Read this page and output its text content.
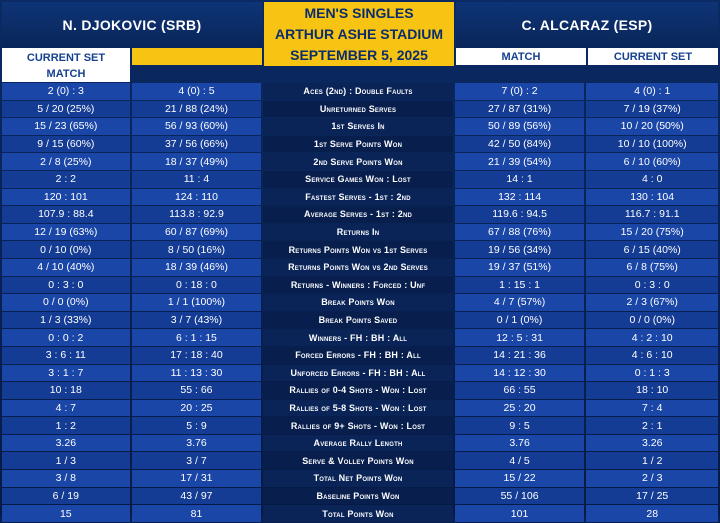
N. DJOKOVIC (SRB)
MEN'S SINGLES
ARTHUR ASHE STADIUM
SEPTEMBER 5, 2025
C. ALCARAZ (ESP)
CURRENT SET
MATCH
MATCH	CURRENT SET
2 (0) : 3	4 (0) : 5	Aces (2nd) : Double Faults	7 (0) : 2	4 (0) : 1
5 / 20 (25%)	21 / 88 (24%)	Unreturned Serves	27 / 87 (31%)	7 / 19 (37%)
15 / 23 (65%)	56 / 93 (60%)	1st Serves In	50 / 89 (56%)	10 / 20 (50%)
9 / 15 (60%)	37 / 56 (66%)	1st Serve Points Won	42 / 50 (84%)	10 / 10 (100%)
2 / 8 (25%)	18 / 37 (49%)	2nd Serve Points Won	21 / 39 (54%)	6 / 10 (60%)
2 : 2	11 : 4	Service Games Won : Lost	14 : 1	4 : 0
120 : 101	124 : 110	Fastest Serves - 1st : 2nd	132 : 114	130 : 104
107.9 : 88.4	113.8 : 92.9	Average Serves - 1st : 2nd	119.6 : 94.5	116.7 : 91.1
12 / 19 (63%)	60 / 87 (69%)	Returns In	67 / 88 (76%)	15 / 20 (75%)
0 / 10 (0%)	8 / 50 (16%)	Returns Points Won vs 1st Serves	19 / 56 (34%)	6 / 15 (40%)
4 / 10 (40%)	18 / 39 (46%)	Returns Points Won vs 2nd Serves	19 / 37 (51%)	6 / 8 (75%)
0 : 3 : 0	0 : 18 : 0	Returns - Winners : Forced : Unf	1 : 15 : 1	0 : 3 : 0
0 / 0 (0%)	1 / 1 (100%)	Break Points Won	4 / 7 (57%)	2 / 3 (67%)
1 / 3 (33%)	3 / 7 (43%)	Break Points Saved	0 / 1 (0%)	0 / 0 (0%)
0 : 0 : 2	6 : 1 : 15	Winners - FH : BH : All	12 : 5 : 31	4 : 2 : 10
3 : 6 : 11	17 : 18 : 40	Forced Errors - FH : BH : All	14 : 21 : 36	4 : 6 : 10
3 : 1 : 7	11 : 13 : 30	Unforced Errors - FH : BH : All	14 : 12 : 30	0 : 1 : 3
10 : 18	55 : 66	Rallies of 0-4 Shots - Won : Lost	66 : 55	18 : 10
4 : 7	20 : 25	Rallies of 5-8 Shots - Won : Lost	25 : 20	7 : 4
1 : 2	5 : 9	Rallies of 9+ Shots - Won : Lost	9 : 5	2 : 1
3.26	3.76	Average Rally Length	3.76	3.26
1 / 3	3 / 7	Serve & Volley Points Won	4 / 5	1 / 2
3 / 8	17 / 31	Total Net Points Won	15 / 22	2 / 3
6 / 19	43 / 97	Baseline Points Won	55 / 106	17 / 25
15	81	Total Points Won	101	28
